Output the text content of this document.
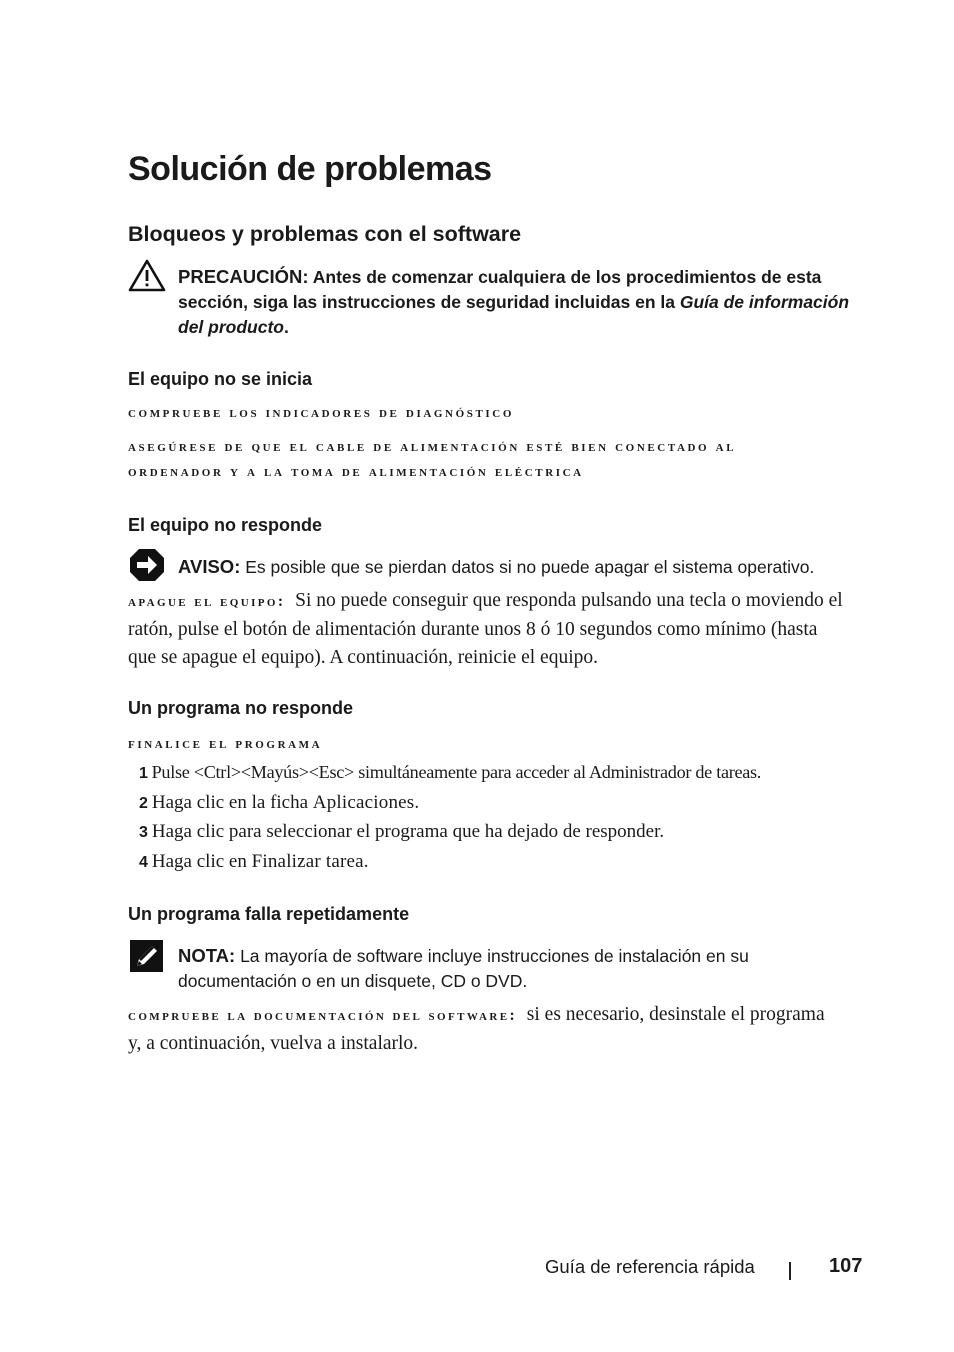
Solución de problemas
Bloqueos y problemas con el software
PRECAUCIÓN: Antes de comenzar cualquiera de los procedimientos de esta sección, siga las instrucciones de seguridad incluidas en la Guía de información del producto.
El equipo no se inicia
compruebe los indicadores de diagnóstico
asegúrese de que el cable de alimentación esté bien conectado al
ordenador y a la toma de alimentación eléctrica
El equipo no responde
AVISO: Es posible que se pierdan datos si no puede apagar el sistema operativo.
apague el equipo: Si no puede conseguir que responda pulsando una tecla o moviendo el ratón, pulse el botón de alimentación durante unos 8 ó 10 segundos como mínimo (hasta que se apague el equipo). A continuación, reinicie el equipo.
Un programa no responde
finalice el programa
1 Pulse <Ctrl><Mayús><Esc> simultáneamente para acceder al Administrador de tareas.
2 Haga clic en la ficha Aplicaciones.
3 Haga clic para seleccionar el programa que ha dejado de responder.
4 Haga clic en Finalizar tarea.
Un programa falla repetidamente
NOTA: La mayoría de software incluye instrucciones de instalación en su documentación o en un disquete, CD o DVD.
compruebe la documentación del software: si es necesario, desinstale el programa y, a continuación, vuelva a instalarlo.
Guía de referencia rápida	107
